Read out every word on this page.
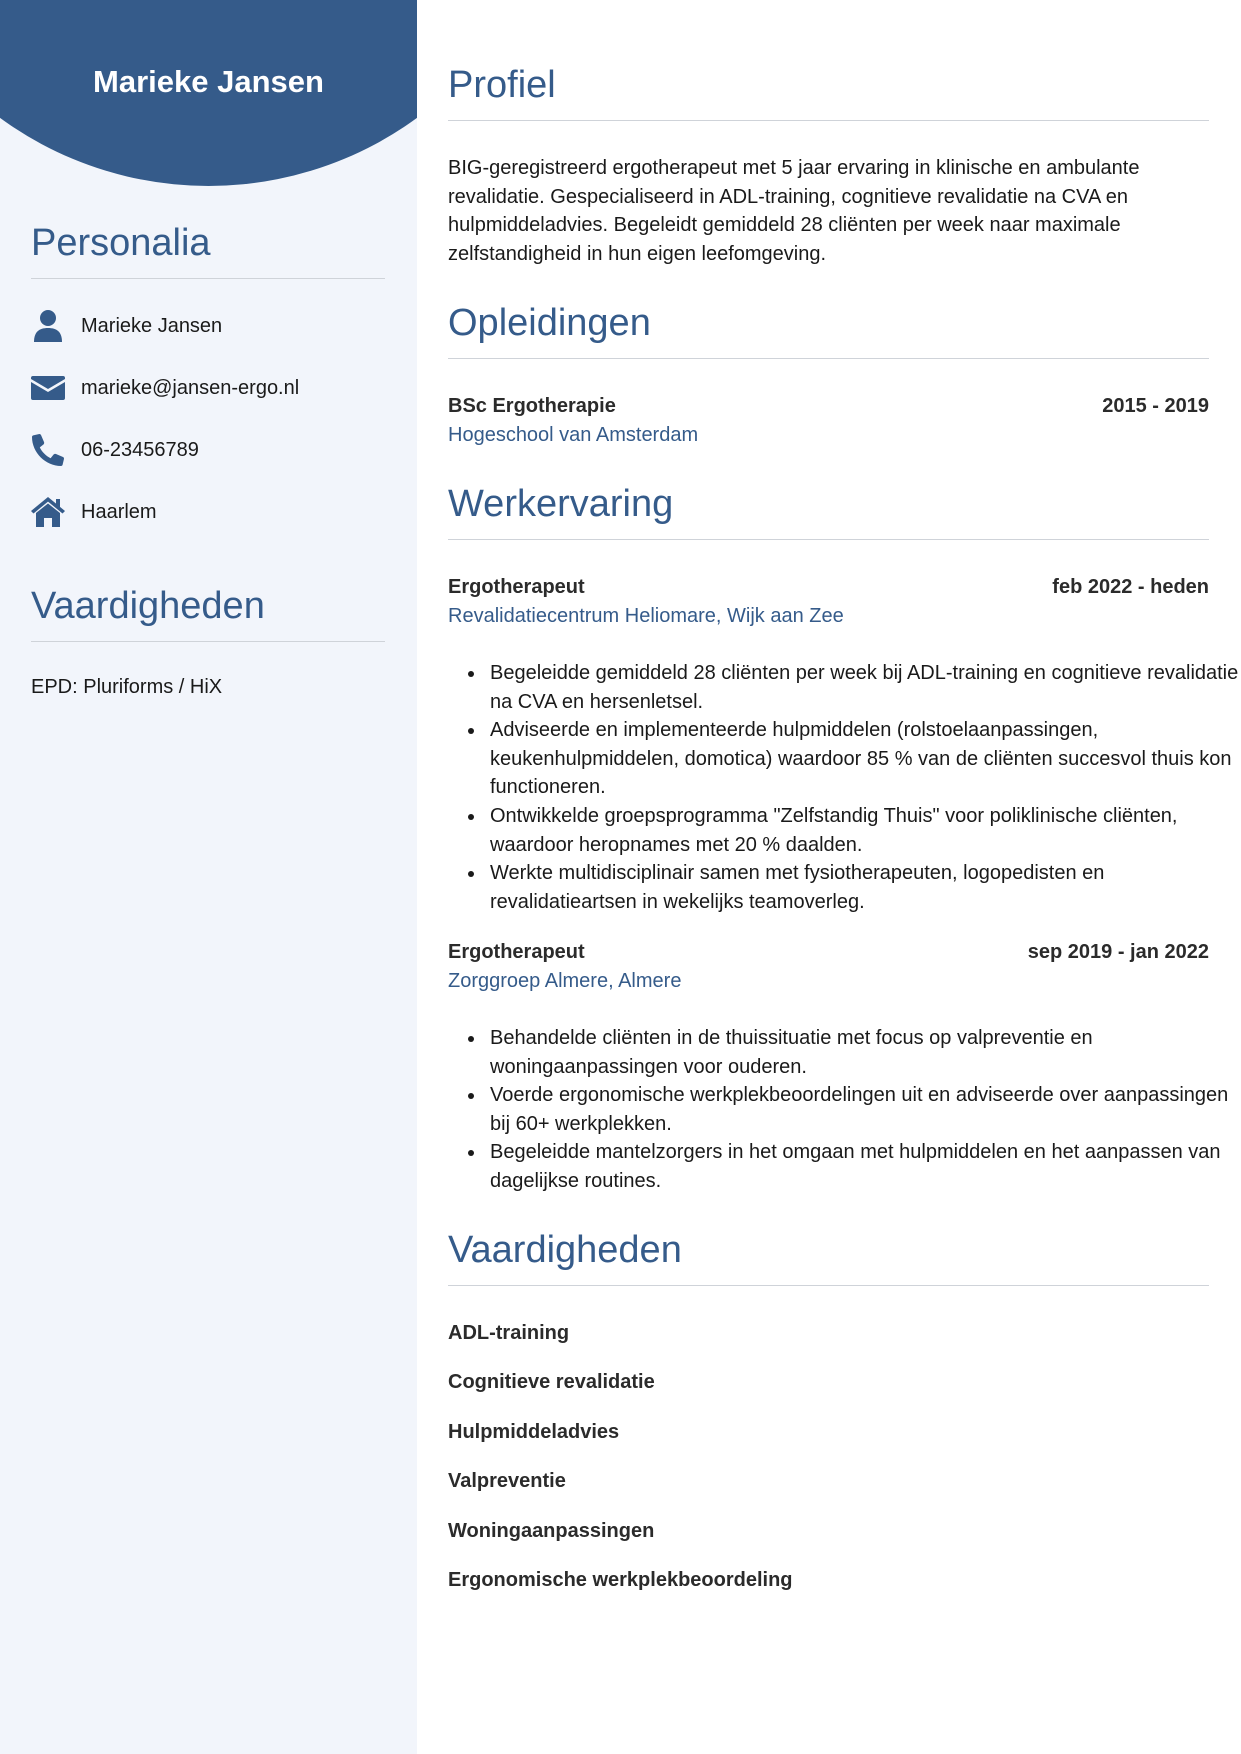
Marieke Jansen
Personalia
Marieke Jansen
marieke@jansen-ergo.nl
06-23456789
Haarlem
Vaardigheden
EPD: Pluriforms / HiX
Profiel

BIG-geregistreerd ergotherapeut met 5 jaar ervaring in klinische en ambulante revalidatie. Gespecialiseerd in ADL-training, cognitieve revalidatie na CVA en hulpmiddeladvies. Begeleidt gemiddeld 28 cliënten per week naar maximale zelfstandigheid in hun eigen leefomgeving.

Opleidingen
BSc Ergotherapie	2015 - 2019
Hogeschool van Amsterdam
Werkervaring
Ergotherapeut	feb 2022 - heden
Revalidatiecentrum Heliomare, Wijk aan Zee
Begeleidde gemiddeld 28 cliënten per week bij ADL-training en cognitieve revalidatie na CVA en hersenletsel.
Adviseerde en implementeerde hulpmiddelen (rolstoelaanpassingen, keukenhulpmiddelen, domotica) waardoor 85 % van de cliënten succesvol thuis kon functioneren.
Ontwikkelde groepsprogramma "Zelfstandig Thuis" voor poliklinische cliënten, waardoor heropnames met 20 % daalden.
Werkte multidisciplinair samen met fysiotherapeuten, logopedisten en revalidatieartsen in wekelijks teamoverleg.
Ergotherapeut	sep 2019 - jan 2022
Zorggroep Almere, Almere
Behandelde cliënten in de thuissituatie met focus op valpreventie en woningaanpassingen voor ouderen.
Voerde ergonomische werkplekbeoordelingen uit en adviseerde over aanpassingen bij 60+ werkplekken.
Begeleidde mantelzorgers in het omgaan met hulpmiddelen en het aanpassen van dagelijkse routines.
Vaardigheden
ADL-training
Cognitieve revalidatie
Hulpmiddeladvies
Valpreventie
Woningaanpassingen
Ergonomische werkplekbeoordeling
